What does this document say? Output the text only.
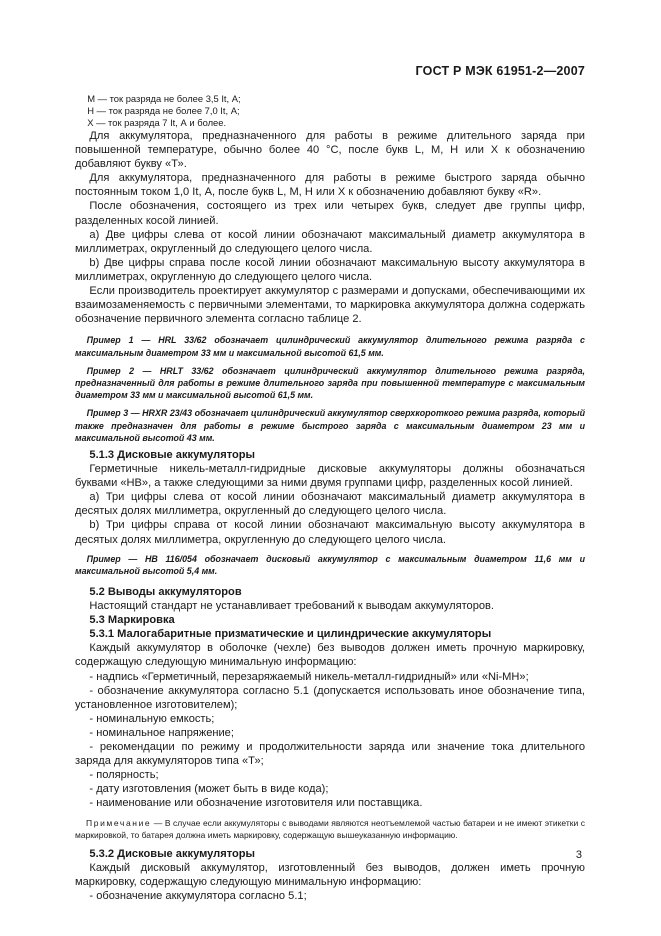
ГОСТ Р МЭК 61951-2—2007

М — ток разряда не более 3,5 It, А;

Н — ток разряда не более 7,0 It, А;

Х — ток разряда 7 It, А и более.

Для аккумулятора, предназначенного для работы в режиме длительного заряда при повышенной температуре, обычно более 40 °С, после букв L, М, Н или Х к обозначению добавляют букву «Т».

Для аккумулятора, предназначенного для работы в режиме быстрого заряда обычно постоянным током 1,0 It, А, после букв L, М, Н или Х к обозначению добавляют букву «R».

После обозначения, состоящего из трех или четырех букв, следует две группы цифр, разделенных косой линией.

а) Две цифры слева от косой линии обозначают максимальный диаметр аккумулятора в миллиметрах, округленный до следующего целого числа.

b) Две цифры справа после косой линии обозначают максимальную высоту аккумулятора в миллиметрах, округленную до следующего целого числа.

Если производитель проектирует аккумулятор с размерами и допусками, обеспечивающими их взаимозаменяемость с первичными элементами, то маркировка аккумулятора должна содержать обозначение первичного элемента согласно таблице 2.

Пример 1 — HRL 33/62 обозначает цилиндрический аккумулятор длительного режима разряда с максимальным диаметром 33 мм и максимальной высотой 61,5 мм.

Пример 2 — HRLT 33/62 обозначает цилиндрический аккумулятор длительного режима разряда, предназначенный для работы в режиме длительного заряда при повышенной температуре с максимальным диаметром 33 мм и максимальной высотой 61,5 мм.

Пример 3 — HRXR 23/43 обозначает цилиндрический аккумулятор сверхкороткого режима разряда, который также предназначен для работы в режиме быстрого заряда с максимальным диаметром 23 мм и максимальной высотой 43 мм.

5.1.3 Дисковые аккумуляторы

Герметичные никель-металл-гидридные дисковые аккумуляторы должны обозначаться буквами «НВ», а также следующими за ними двумя группами цифр, разделенных косой линией.

а) Три цифры слева от косой линии обозначают максимальный диаметр аккумулятора в десятых долях миллиметра, округленный до следующего целого числа.

b) Три цифры справа от косой линии обозначают максимальную высоту аккумулятора в десятых долях миллиметра, округленную до следующего целого числа.

Пример — НВ 116/054 обозначает дисковый аккумулятор с максимальным диаметром 11,6 мм и максимальной высотой 5,4 мм.

5.2 Выводы аккумуляторов

Настоящий стандарт не устанавливает требований к выводам аккумуляторов.

5.3 Маркировка

5.3.1 Малогабаритные призматические и цилиндрические аккумуляторы

Каждый аккумулятор в оболочке (чехле) без выводов должен иметь прочную маркировку, содержащую следующую минимальную информацию:

- надпись «Герметичный, перезаряжаемый никель-металл-гидридный» или «Ni-MH»;

- обозначение аккумулятора согласно 5.1 (допускается использовать иное обозначение типа, установленное изготовителем);

- номинальную емкость;

- номинальное напряжение;

- рекомендации по режиму и продолжительности заряда или значение тока длительного заряда для аккумуляторов типа «Т»;

- полярность;

- дату изготовления (может быть в виде кода);

- наименование или обозначение изготовителя или поставщика.

Примечание — В случае если аккумуляторы с выводами являются неотъемлемой частью батареи и не имеют этикетки с маркировкой, то батарея должна иметь маркировку, содержащую вышеуказанную информацию.

5.3.2 Дисковые аккумуляторы

Каждый дисковый аккумулятор, изготовленный без выводов, должен иметь прочную маркировку, содержащую следующую минимальную информацию:

- обозначение аккумулятора согласно 5.1;

3
